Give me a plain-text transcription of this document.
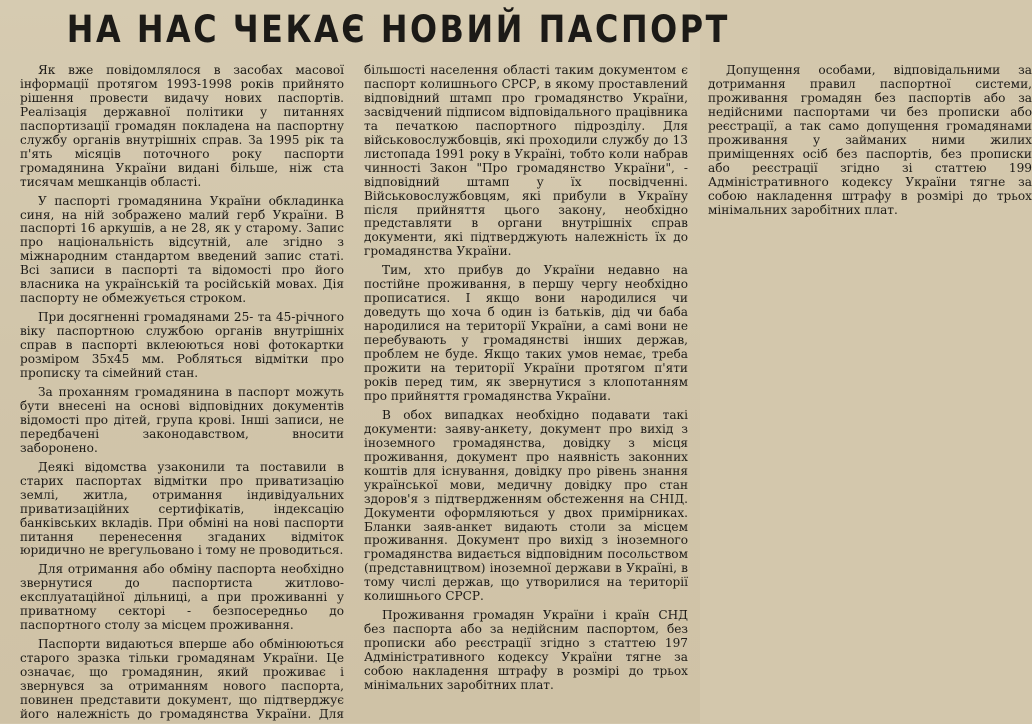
НА НАС ЧЕКАЄ НОВИЙ ПАСПОРТ

Як вже повідомлялося в засобах масової інформації протягом 1993-1998 років прийнято рішення провести видачу нових паспортів. Реалізація державної політики у питаннях паспортизації громадян покладена на паспортну службу органів внутрішніх справ. За 1995 рік та п'ять місяців поточного року паспорти громадянина України видані більше, ніж ста тисячам мешканців області.

У паспорті громадянина України обкладинка синя, на ній зображено малий герб України. В паспорті 16 аркушів, а не 28, як у старому. Запис про національність відсутній, але згідно з міжнародним стандартом введений запис статі. Всі записи в паспорті та відомості про його власника на українській та російській мовах. Дія паспорту не обмежується строком.

При досягненні громадянами 25- та 45-річного віку паспортною службою органів внутрішніх справ в паспорті вклеюються нові фотокартки розміром 35х45 мм. Робляться відмітки про прописку та сімейний стан.

За проханням громадянина в паспорт можуть бути внесені на основі відповідних документів відомості про дітей, група крові. Інші записи, не передбачені законодавством, вносити заборонено.

Деякі відомства узаконили та поставили в старих паспортах відмітки про приватизацію землі, житла, отримання індивідуальних приватизаційних сертифікатів, індексацію банківських вкладів. При обміні на нові паспорти питання перенесення згаданих відміток юридично не врегульовано і тому не проводиться.

Для отримання або обміну паспорта необхідно звернутися до паспортиста житлово-експлуатаційної дільниці, а при проживанні у приватному секторі - безпосередньо до паспортного столу за місцем проживання.

Паспорти видаються вперше або обмінюються старого зразка тільки громадянам України. Це означає, що громадянин, який проживає і звернувся за отриманням нового паспорта, повинен представити документ, що підтверджує його належність до громадянства України. Для більшості населення області таким документом є паспорт колишнього СРСР, в якому проставлений відповідний штамп про громадянство України, засвідчений підписом відповідального працівника та печаткою паспортного підрозділу. Для військовослужбовців, які проходили службу до 13 листопада 1991 року в Україні, тобто коли набрав чинності Закон "Про громадянство України", - відповідний штамп у їх посвідченні. Військовослужбовцям, які прибули в Україну після прийняття цього закону, необхідно представляти в органи внутрішніх справ документи, які підтверджують належність їх до громадянства України.

Тим, хто прибув до України недавно на постійне проживання, в першу чергу необхідно прописатися. І якщо вони народилися чи доведуть що хоча б один із батьків, дід чи баба народилися на території України, а самі вони не перебувають у громадянстві інших держав, проблем не буде. Якщо таких умов немає, треба прожити на території України протягом п'яти років перед тим, як звернутися з клопотанням про прийняття громадянства України.

В обох випадках необхідно подавати такі документи: заяву-анкету, документ про вихід з іноземного громадянства, довідку з місця проживання, документ про наявність законних коштів для існування, довідку про рівень знання української мови, медичну довідку про стан здоров'я з підтвердженням обстеження на СНІД. Документи оформляються у двох примірниках. Бланки заяв-анкет видають столи за місцем проживання. Документ про вихід з іноземного громадянства видається відповідним посольством (представництвом) іноземної держави в Україні, в тому числі держав, що утворилися на території колишнього СРСР.

Проживання громадян України і країн СНД без паспорта або за недійсним паспортом, без прописки або реєстрації згідно з статтею 197 Адміністративного кодексу України тягне за собою накладення штрафу в розмірі до трьох мінімальних заробітних плат.

Допущення особами, відповідальними за дотримання правил паспортної системи, проживання громадян без паспортів або за недійсними паспортами чи без прописки або реєстрації, а так само допущення громадянами проживання у займаних ними жилих приміщеннях осіб без паспортів, без прописки або реєстрації згідно зі статтею 199 Адміністративного кодексу України тягне за собою накладення штрафу в розмірі до трьох мінімальних заробітних плат.
